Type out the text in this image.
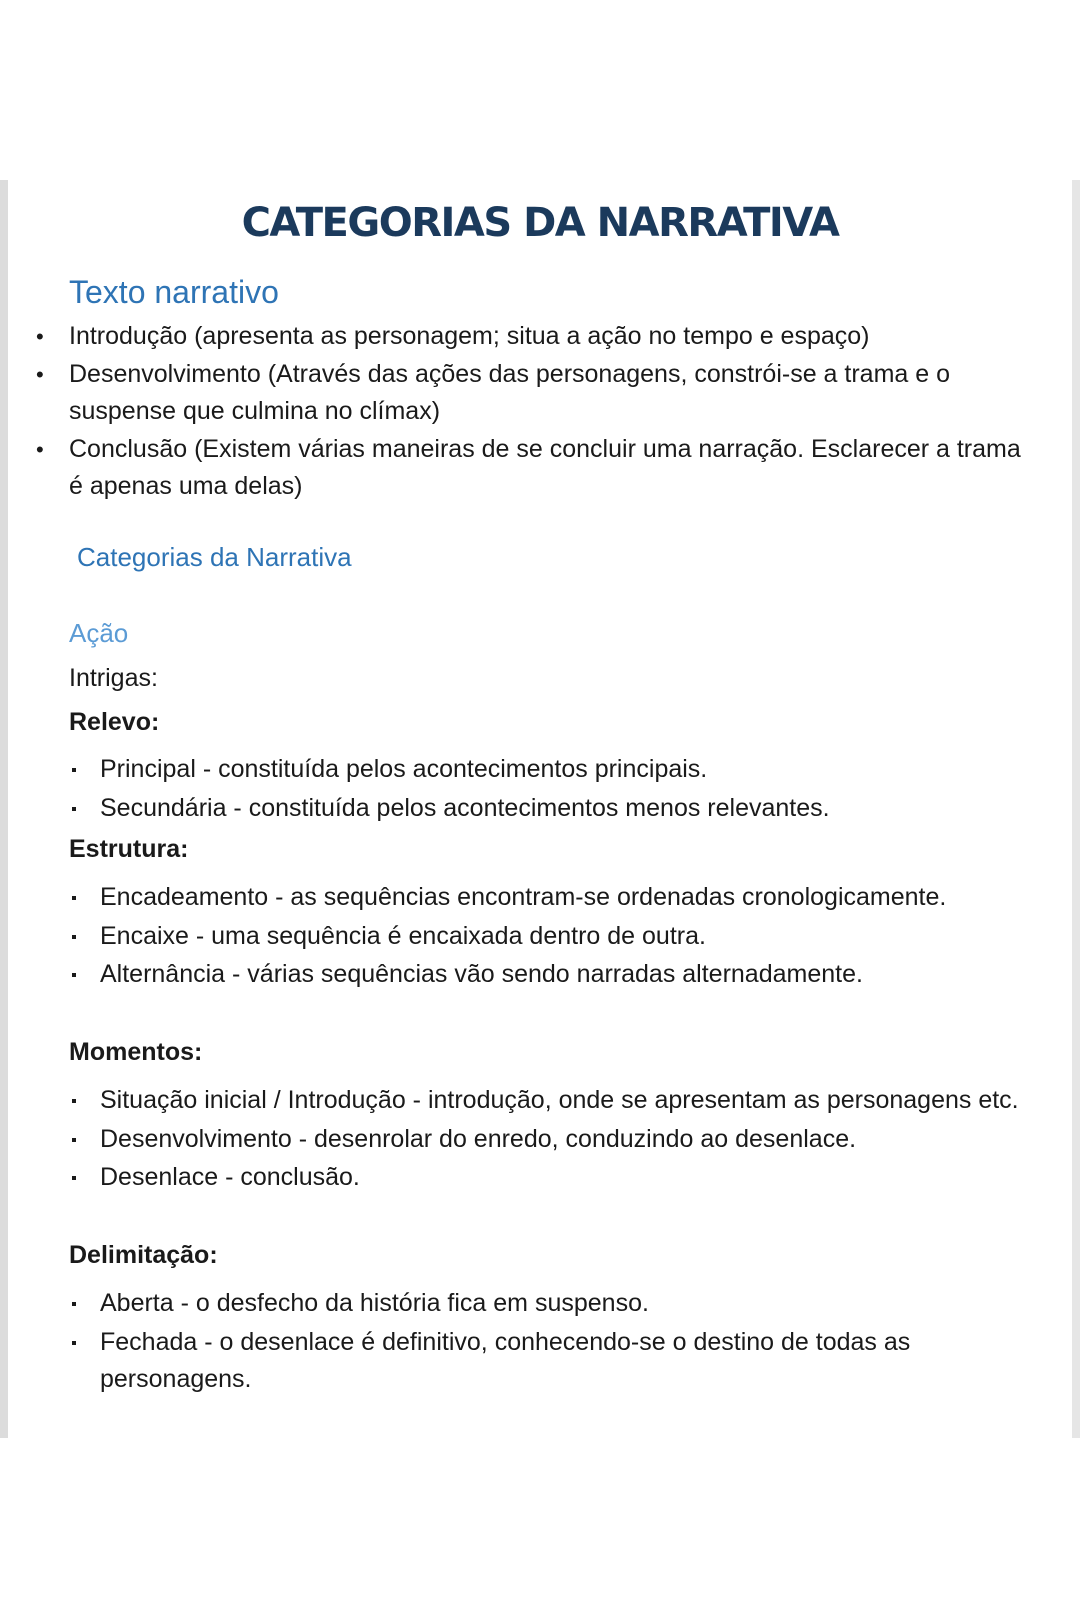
CATEGORIAS DA NARRATIVA
Texto narrativo
• Introdução (apresenta as personagem; situa a ação no tempo e espaço)
• Desenvolvimento (Através das ações das personagens, constrói-se a trama e o suspense que culmina no clímax)
• Conclusão (Existem várias maneiras de se concluir uma narração. Esclarecer a trama é apenas uma delas)
Categorias da Narrativa
Ação

Intrigas:

Relevo:

Principal - constituída pelos acontecimentos principais.
Secundária - constituída pelos acontecimentos menos relevantes.

Estrutura:

Encadeamento - as sequências encontram-se ordenadas cronologicamente.
Encaixe - uma sequência é encaixada dentro de outra.
Alternância - várias sequências vão sendo narradas alternadamente.

Momentos:

Situação inicial / Introdução - introdução, onde se apresentam as personagens etc.
Desenvolvimento - desenrolar do enredo, conduzindo ao desenlace.
Desenlace - conclusão.

Delimitação:

Aberta - o desfecho da história fica em suspenso.
Fechada - o desenlace é definitivo, conhecendo-se o destino de todas as personagens.
